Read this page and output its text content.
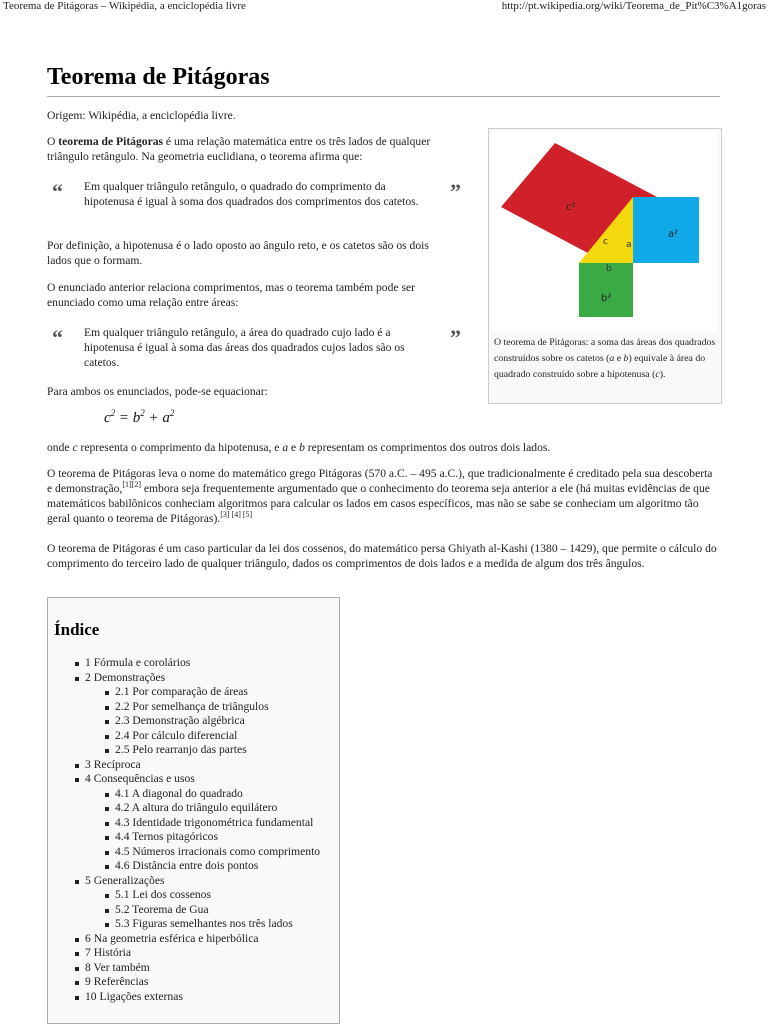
Teorema de Pitágoras – Wikipédia, a enciclopédia livre	http://pt.wikipedia.org/wiki/Teorema_de_Pit%C3%A1goras
Teorema de Pitágoras

Origem: Wikipédia, a enciclopédia livre.

O teorema de Pitágoras é uma relação matemática entre os três lados de qualquer triângulo retângulo. Na geometria euclidiana, o teorema afirma que:

“ Em qualquer triângulo retângulo, o quadrado do comprimento da hipotenusa é igual à soma dos quadrados dos comprimentos dos catetos. ”

Por definição, a hipotenusa é o lado oposto ao ângulo reto, e os catetos são os dois lados que o formam.

O enunciado anterior relaciona comprimentos, mas o teorema também pode ser enunciado como uma relação entre áreas:

“ Em qualquer triângulo retângulo, a área do quadrado cujo lado é a hipotenusa é igual à soma das áreas dos quadrados cujos lados são os catetos.
”

Para ambos os enunciados, pode-se equacionar:

$c^2 = b^2 + a^2$

onde c representa o comprimento da hipotenusa, e a e b representam os comprimentos dos outros dois lados.

O teorema de Pitágoras leva o nome do matemático grego Pitágoras (570 a.C. – 495 a.C.), que tradicionalmente é creditado pela sua descoberta e demonstração,[1][2] embora seja frequentemente argumentado que o conhecimento do teorema seja anterior a ele (há muitas evidências de que matemáticos babilônicos conheciam algoritmos para calcular os lados em casos específicos, mas não se sabe se conheciam um algoritmo tão geral quanto o teorema de Pitágoras).[3] [4] [5]

O teorema de Pitágoras é um caso particular da lei dos cossenos, do matemático persa Ghiyath al-Kashi (1380 – 1429), que permite o cálculo do comprimento do terceiro lado de qualquer triângulo, dados os comprimentos de dois lados e a medida de algum dos três ângulos.

c²
a²
b²
c a
b
O teorema de Pitágoras: a soma das áreas dos quadrados construídos sobre os catetos (a e b) equivale à área do quadrado construído sobre a hipotenusa (c).
Índice
1 Fórmula e corolários
2 Demonstrações
2.1 Por comparação de áreas
2.2 Por semelhança de triângulos
2.3 Demonstração algébrica
2.4 Por cálculo diferencial
2.5 Pelo rearranjo das partes
3 Recíproca
4 Consequências e usos
4.1 A diagonal do quadrado
4.2 A altura do triângulo equilátero
4.3 Identidade trigonométrica fundamental
4.4 Ternos pitagóricos
4.5 Números irracionais como comprimento
4.6 Distância entre dois pontos
5 Generalizações
5.1 Lei dos cossenos
5.2 Teorema de Gua
5.3 Figuras semelhantes nos três lados
6 Na geometria esférica e hiperbólica
7 História
8 Ver também
9 Referências
10 Ligações externas
